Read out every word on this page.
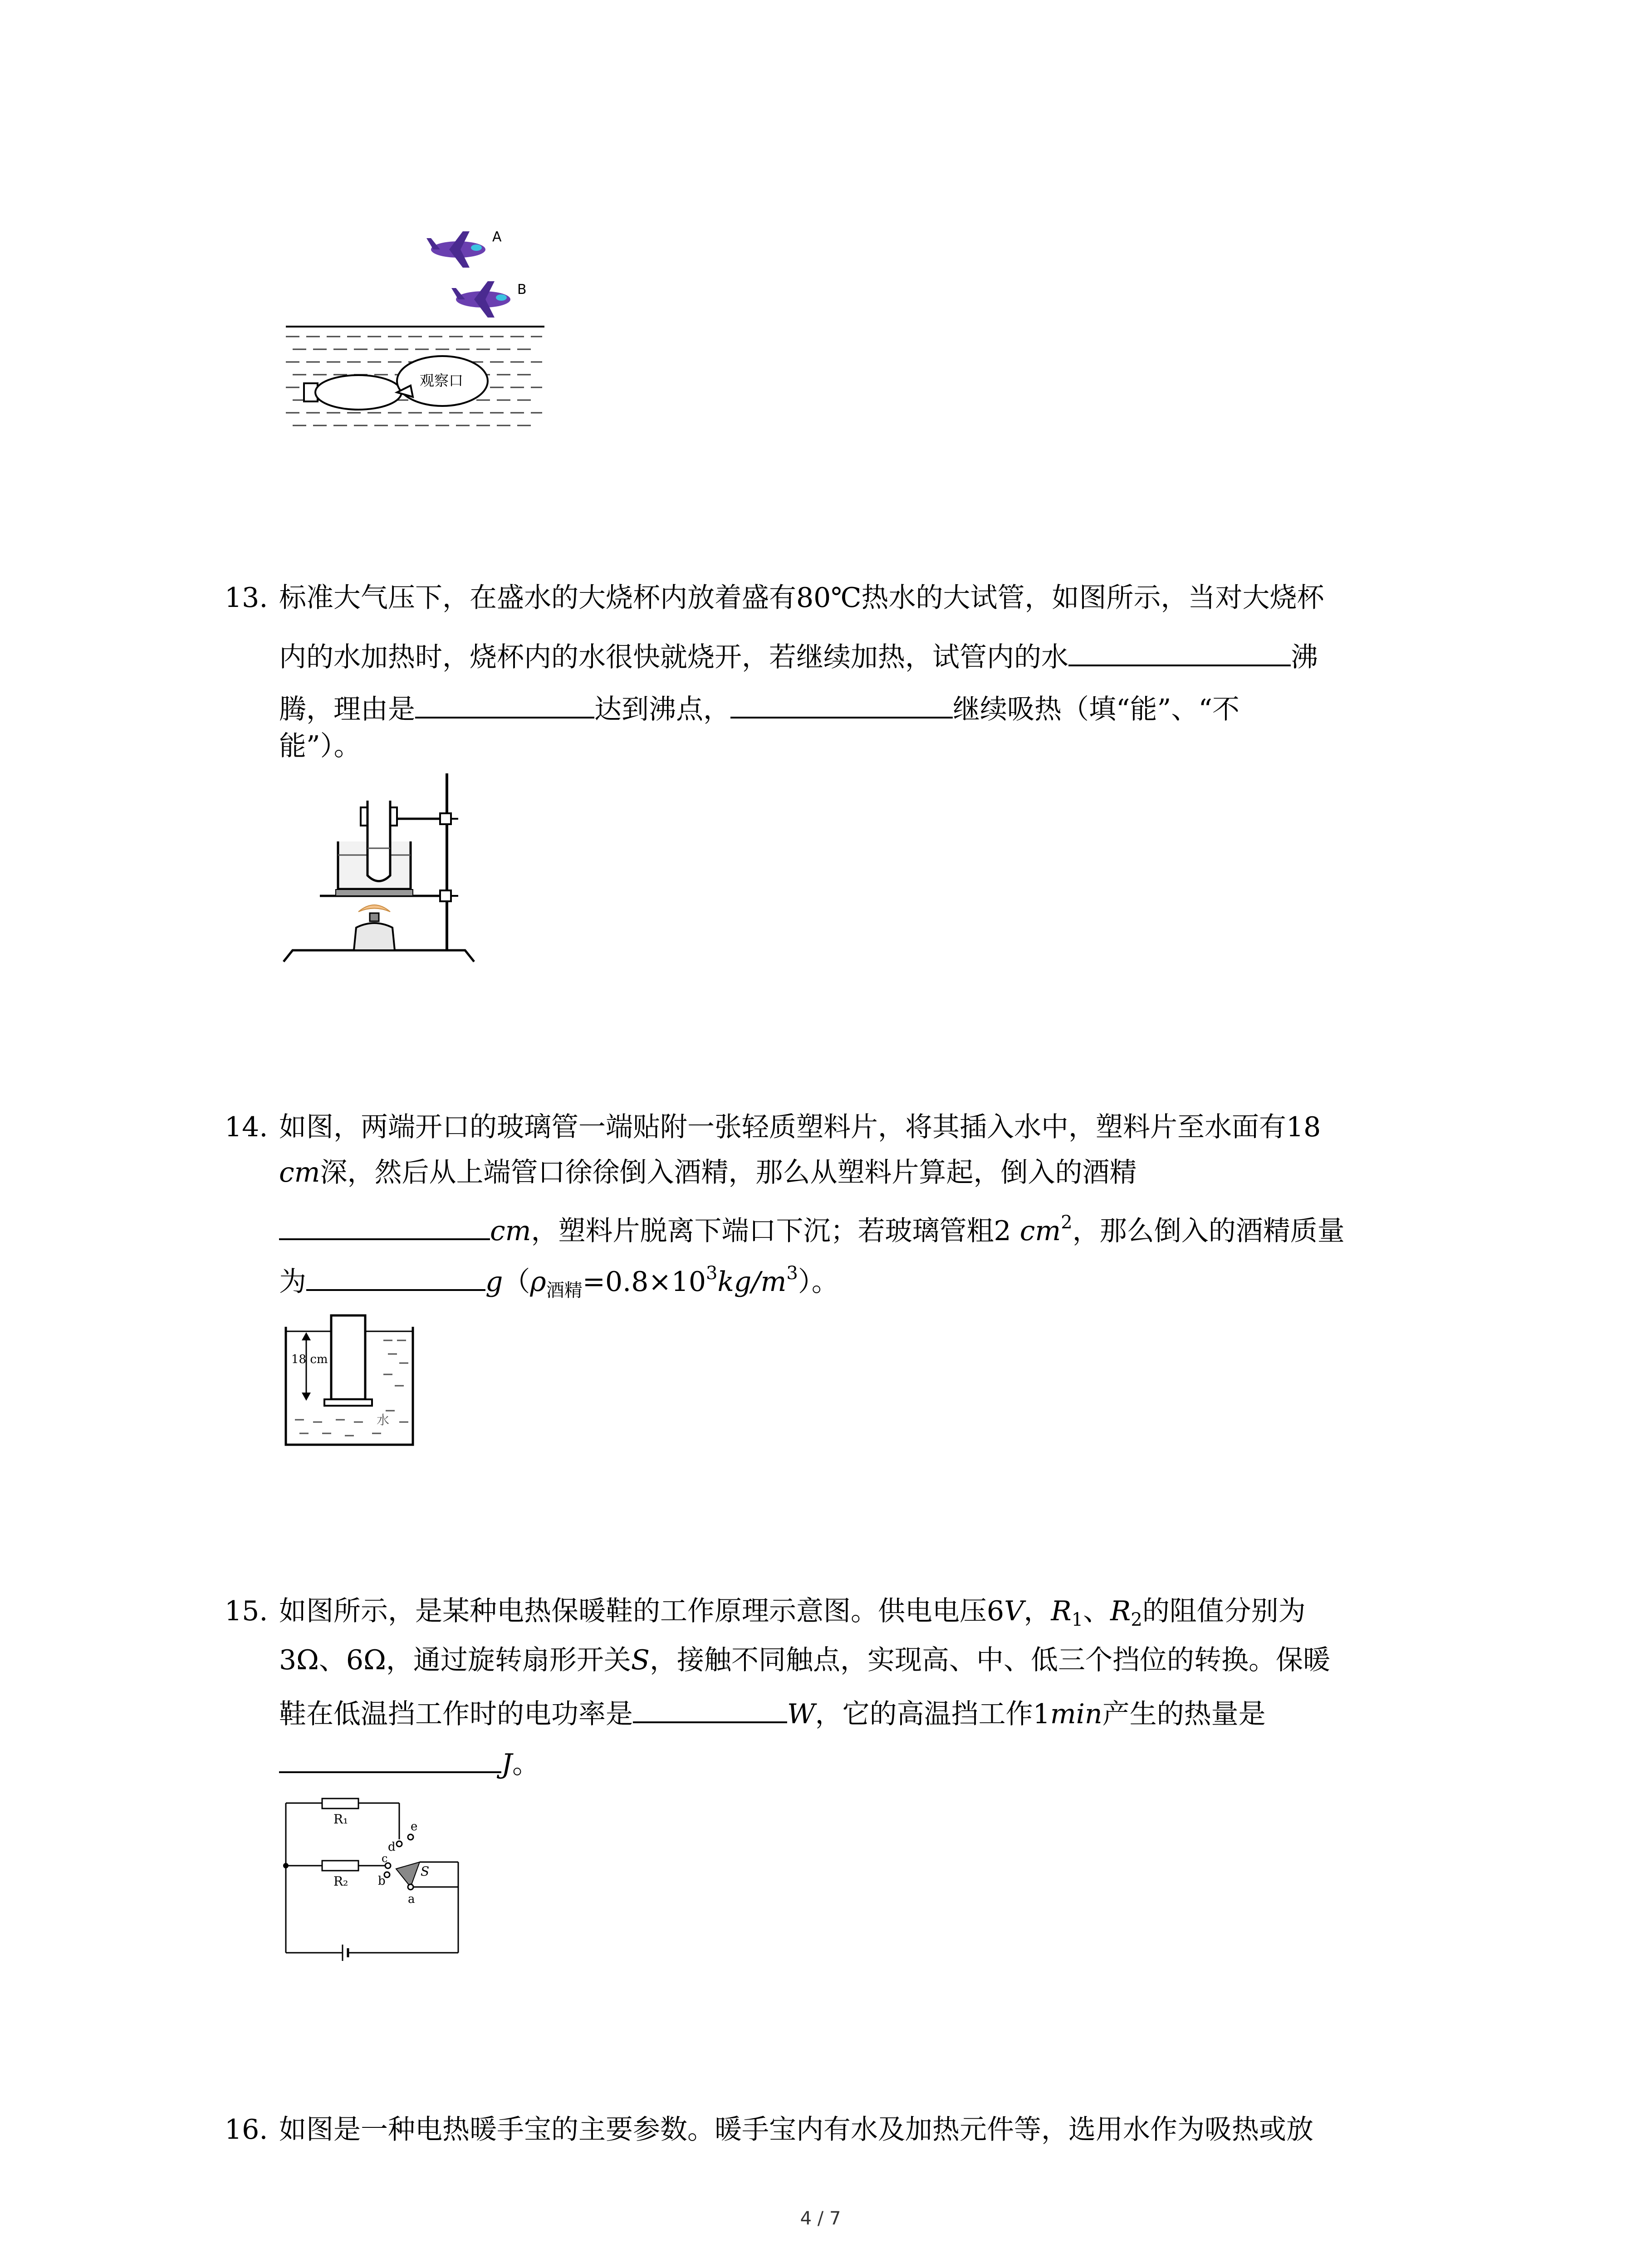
A
B
观察口
13. 标准大气压下，在盛水的大烧杯内放着盛有80℃热水的大试管，如图所示，当对大烧杯
内的水加热时，烧杯内的水很快就烧开，若继续加热，试管内的水	沸
腾，理由是	达到沸点，	继续吸热（填“能”、“不
能”）。
14. 如图，两端开口的玻璃管一端贴附一张轻质塑料片，将其插入水中，塑料片至水面有18
cm深，然后从上端管口徐徐倒入酒精，那么从塑料片算起，倒入的酒精
cm，塑料片脱离下端口下沉；若玻璃管粗2 $cm^2$，那么倒入的酒精质量
为	$g(\rho_{酒精}=0.8\times 10^3kg/m^3)$。
18 cm
水
15. 如图所示，是某种电热保暖鞋的工作原理示意图。供电电压6V，$R_1$、$R_2$的阻值分别为
3Ω、6Ω，通过旋转扇形开关S，接触不同触点，实现高、中、低三个挡位的转换。保暖
鞋在低温挡工作时的电功率是	W，它的高温挡工作1min产生的热量是
J。
R₁
R₂
d
e
c
b
S
a
16. 如图是一种电热暖手宝的主要参数。暖手宝内有水及加热元件等，选用水作为吸热或放
4 / 7
